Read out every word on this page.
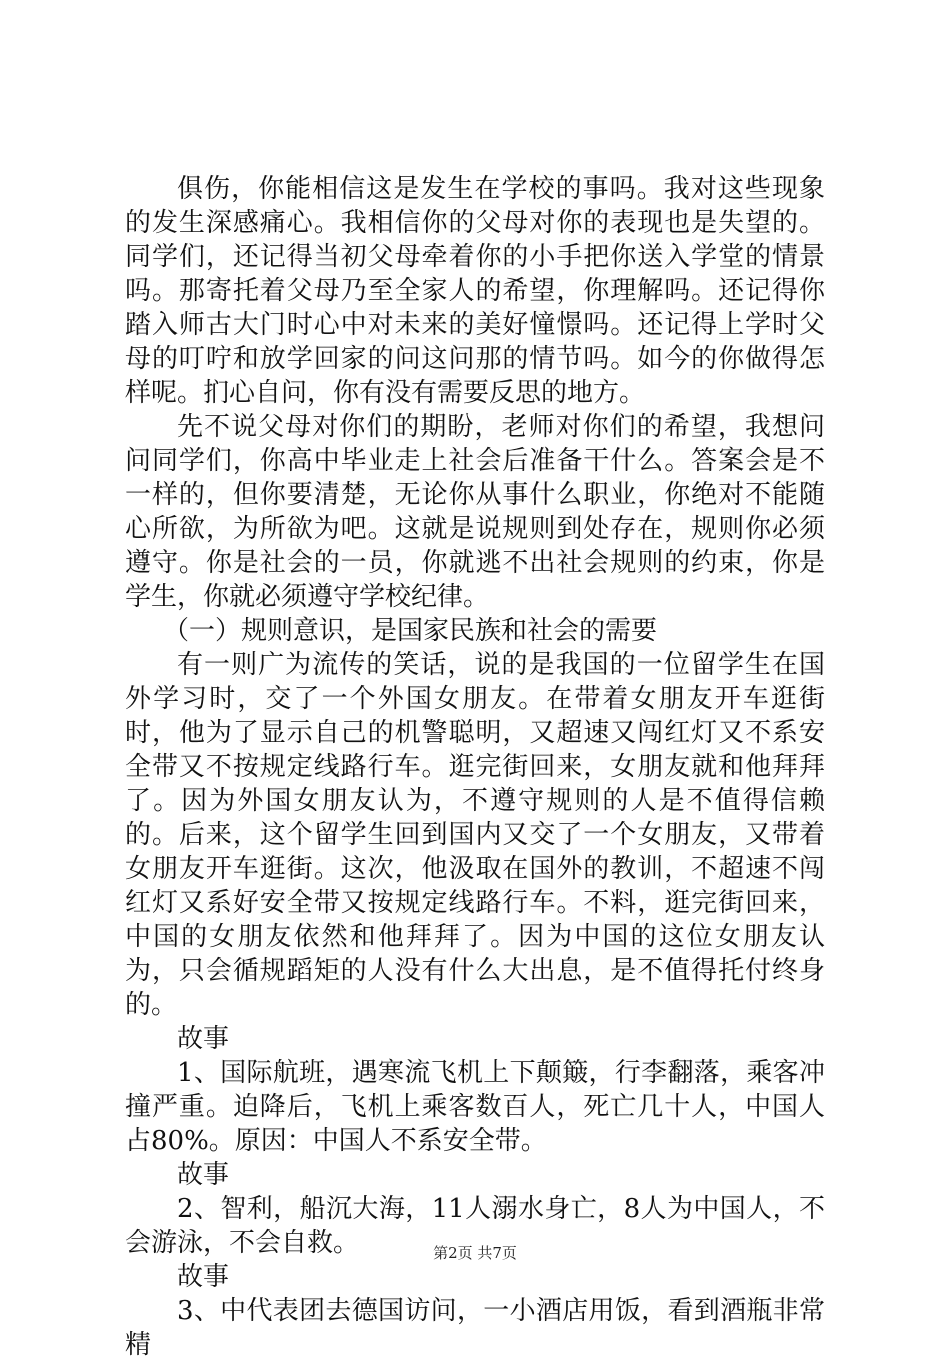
俱伤，你能相信这是发生在学校的事吗。我对这些现象的发生深感痛心。我相信你的父母对你的表现也是失望的。同学们，还记得当初父母牵着你的小手把你送入学堂的情景吗。那寄托着父母乃至全家人的希望，你理解吗。还记得你踏入师古大门时心中对未来的美好憧憬吗。还记得上学时父母的叮咛和放学回家的问这问那的情节吗。如今的你做得怎样呢。扪心自问，你有没有需要反思的地方。

先不说父母对你们的期盼，老师对你们的希望，我想问问同学们，你高中毕业走上社会后准备干什么。答案会是不一样的，但你要清楚，无论你从事什么职业，你绝对不能随心所欲，为所欲为吧。这就是说规则到处存在，规则你必须遵守。你是社会的一员，你就逃不出社会规则的约束，你是学生，你就必须遵守学校纪律。

（一）规则意识，是国家民族和社会的需要

有一则广为流传的笑话，说的是我国的一位留学生在国外学习时，交了一个外国女朋友。在带着女朋友开车逛街时，他为了显示自己的机警聪明，又超速又闯红灯又不系安全带又不按规定线路行车。逛完街回来，女朋友就和他拜拜了。因为外国女朋友认为，不遵守规则的人是不值得信赖的。后来，这个留学生回到国内又交了一个女朋友，又带着女朋友开车逛街。这次，他汲取在国外的教训，不超速不闯红灯又系好安全带又按规定线路行车。不料，逛完街回来，中国的女朋友依然和他拜拜了。因为中国的这位女朋友认为，只会循规蹈矩的人没有什么大出息，是不值得托付终身的。

故事

1、国际航班，遇寒流飞机上下颠簸，行李翻落，乘客冲撞严重。迫降后，飞机上乘客数百人，死亡几十人，中国人占80%。原因：中国人不系安全带。

故事

2、智利，船沉大海，11人溺水身亡，8人为中国人，不会游泳，不会自救。

故事

3、中代表团去德国访问，一小酒店用饭，看到酒瓶非常精

第2页 共7页
